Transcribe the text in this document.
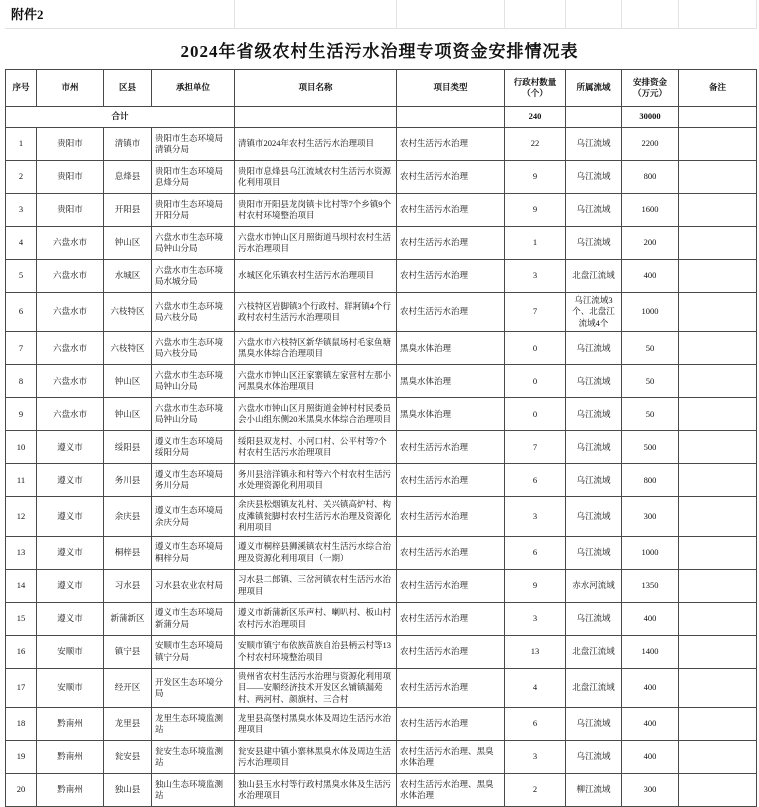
附件2								
2024年省级农村生活污水治理专项资金安排情况表
序号	市州	区县	承担单位	项目名称	项目类型	行政村数量（个）	所属流域	安排资金（万元）	备注
合计						240		30000	
1	贵阳市	清镇市	贵阳市生态环境局清镇分局	清镇市2024年农村生活污水治理项目	农村生活污水治理	22	乌江流域	2200	
2	贵阳市	息烽县	贵阳市生态环境局息烽分局	贵阳市息烽县乌江流域农村生活污水资源化利用项目	农村生活污水治理	9	乌江流域	800	
3	贵阳市	开阳县	贵阳市生态环境局开阳分局	贵阳市开阳县龙岗镇卡比村等7个乡镇9个村农村环境整治项目	农村生活污水治理	9	乌江流域	1600	
4	六盘水市	钟山区	六盘水市生态环境局钟山分局	六盘水市钟山区月照街道马坝村农村生活污水治理项目	农村生活污水治理	1	乌江流域	200	
5	六盘水市	水城区	六盘水市生态环境局水城分局	水城区化乐镇农村生活污水治理项目	农村生活污水治理	3	北盘江流域	400	
6	六盘水市	六枝特区	六盘水市生态环境局六枝分局	六枝特区岩脚镇3个行政村、牂牁镇4个行政村农村生活污水治理项目	农村生活污水治理	7	乌江流域3个、北盘江流域4个	1000	
7	六盘水市	六枝特区	六盘水市生态环境局六枝分局	六盘水市六枝特区新华镇鼠场村毛家鱼塘黑臭水体综合治理项目	黑臭水体治理	0	乌江流域	50	
8	六盘水市	钟山区	六盘水市生态环境局钟山分局	六盘水市钟山区汪家寨镇左家营村左那小河黑臭水体治理项目	黑臭水体治理	0	乌江流域	50	
9	六盘水市	钟山区	六盘水市生态环境局钟山分局	六盘水市钟山区月照街道金钟村村民委员会小山组东侧20米黑臭水体综合治理项目	黑臭水体治理	0	乌江流域	50	
10	遵义市	绥阳县	遵义市生态环境局绥阳分局	绥阳县双龙村、小河口村、公平村等7个村农村生活污水治理项目	农村生活污水治理	7	乌江流域	500	
11	遵义市	务川县	遵义市生态环境局务川分局	务川县涪洋镇永和村等六个村农村生活污水处理资源化利用项目	农村生活污水治理	6	乌江流域	800	
12	遵义市	余庆县	遵义市生态环境局余庆分局	余庆县松烟镇友礼村、关兴镇高炉村、构皮滩镇瓮脚村农村生活污水治理及资源化利用项目	农村生活污水治理	3	乌江流域	300	
13	遵义市	桐梓县	遵义市生态环境局桐梓分局	遵义市桐梓县狮溪镇农村生活污水综合治理及资源化利用项目（一期）	农村生活污水治理	6	乌江流域	1000	
14	遵义市	习水县	习水县农业农村局	习水县二郎镇、三岔河镇农村生活污水治理项目	农村生活污水治理	9	赤水河流域	1350	
15	遵义市	新蒲新区	遵义市生态环境局新蒲分局	遵义市新蒲新区乐声村、喇叭村、板山村农村污水治理项目	农村生活污水治理	3	乌江流域	400	
16	安顺市	镇宁县	安顺市生态环境局镇宁分局	安顺市镇宁布依族苗族自治县柄云村等13个村农村环境整治项目	农村生活污水治理	13	北盘江流域	1400	
17	安顺市	经开区	开发区生态环境分局	贵州省农村生活污水治理与资源化利用项目——安顺经济技术开发区幺铺镇漏苑村、两河村、颜旗村、三合村	农村生活污水治理	4	北盘江流域	400	
18	黔南州	龙里县	龙里生态环境监测站	龙里县高堡村黑臭水体及周边生活污水治理项目	农村生活污水治理	6	乌江流域	400	
19	黔南州	瓮安县	瓮安生态环境监测站	瓮安县建中镇小寨林黑臭水体及周边生活污水治理项目	农村生活污水治理、黑臭水体治理	3	乌江流域	400	
20	黔南州	独山县	独山生态环境监测站	独山县玉水村等行政村黑臭水体及生活污水治理项目	农村生活污水治理、黑臭水体治理	2	柳江流域	300	
